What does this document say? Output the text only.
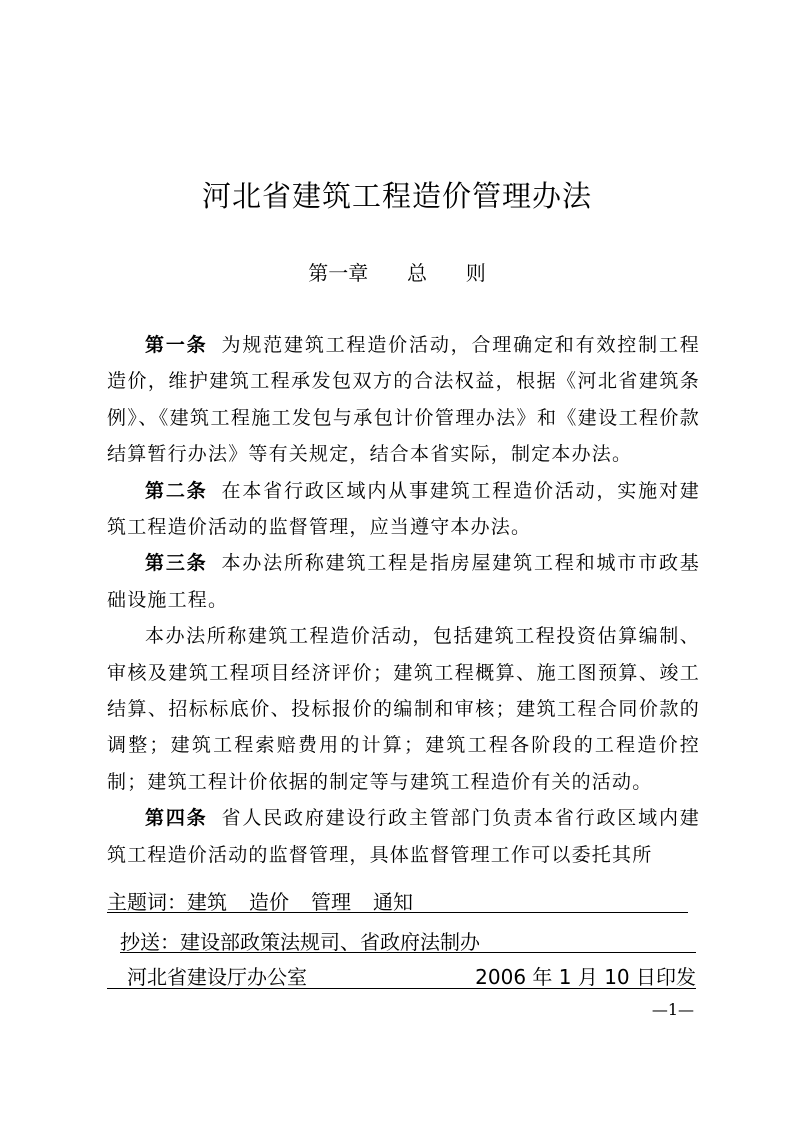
河北省建筑工程造价管理办法
第一章 总 则

第一条 为规范建筑工程造价活动，合理确定和有效控制工程造价，维护建筑工程承发包双方的合法权益，根据《河北省建筑条例》、《建筑工程施工发包与承包计价管理办法》和《建设工程价款结算暂行办法》等有关规定，结合本省实际，制定本办法。

第二条 在本省行政区域内从事建筑工程造价活动，实施对建筑工程造价活动的监督管理，应当遵守本办法。

第三条 本办法所称建筑工程是指房屋建筑工程和城市市政基础设施工程。

本办法所称建筑工程造价活动，包括建筑工程投资估算编制、审核及建筑工程项目经济评价；建筑工程概算、施工图预算、竣工结算、招标标底价、投标报价的编制和审核；建筑工程合同价款的调整；建筑工程索赔费用的计算；建筑工程各阶段的工程造价控制；建筑工程计价依据的制定等与建筑工程造价有关的活动。

第四条 省人民政府建设行政主管部门负责本省行政区域内建筑工程造价活动的监督管理，具体监督管理工作可以委托其所

主题词：建筑 造价 管理 通知
抄送：建设部政策法规司、省政府法制办
河北省建设厅办公室	2006 年 1 月 10 日印发
—1—
